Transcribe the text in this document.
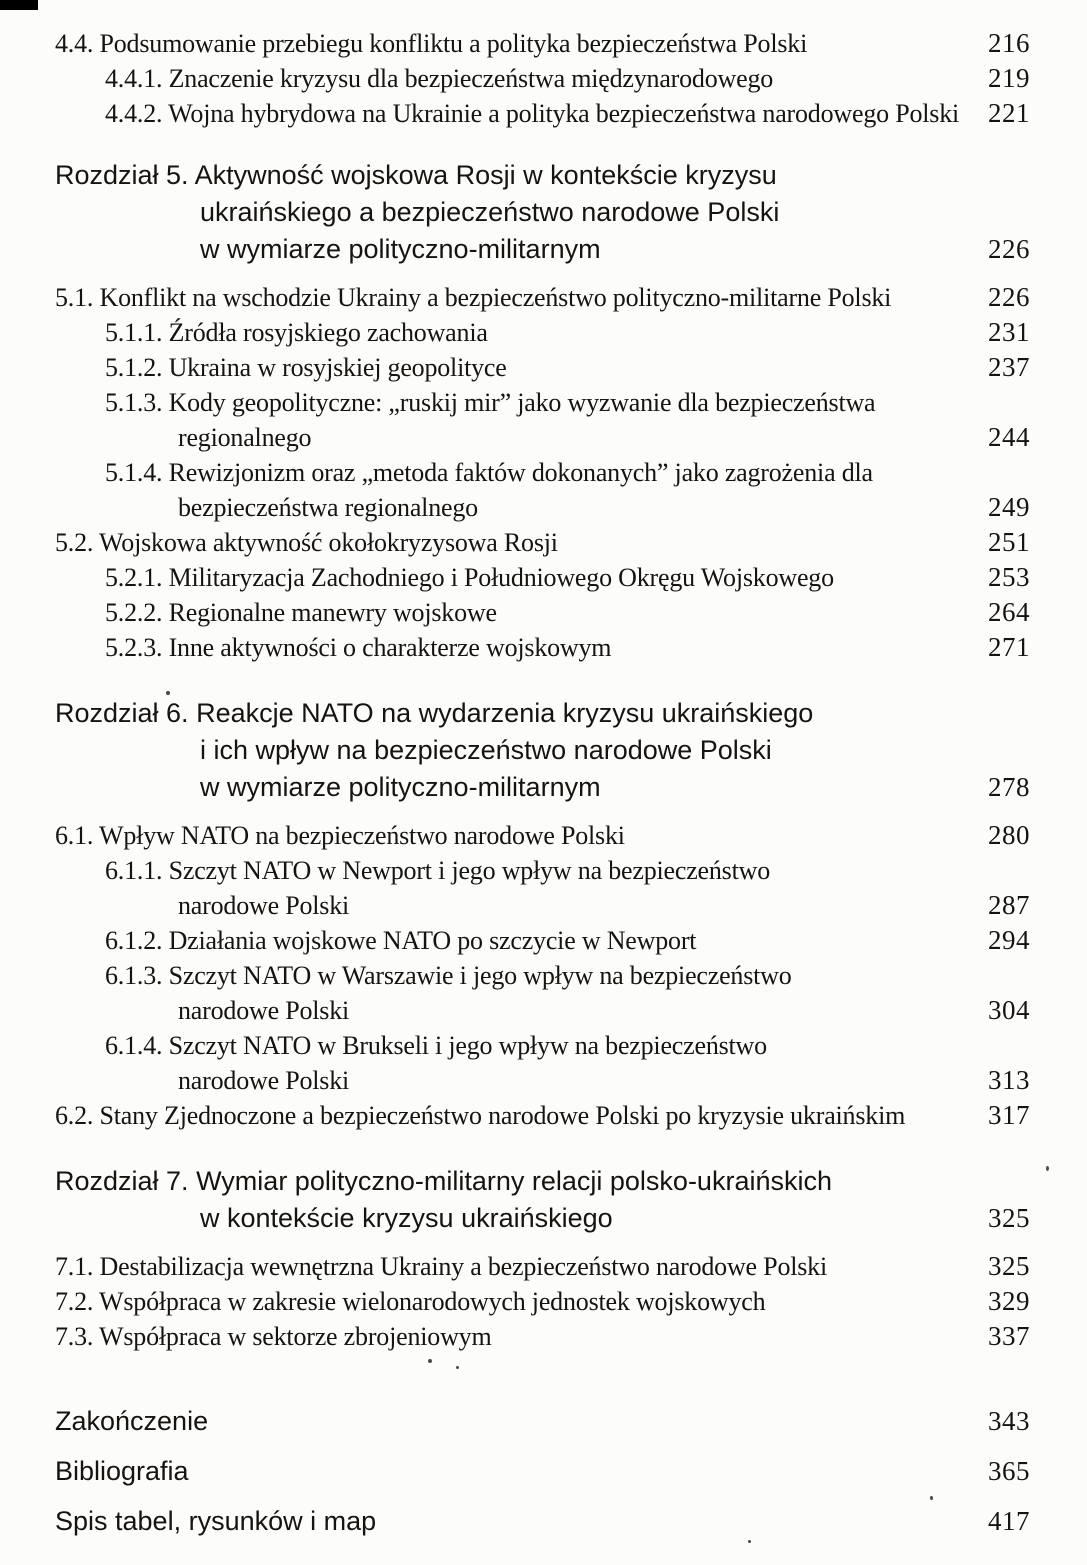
4.4. Podsumowanie przebiegu konfliktu a polityka bezpieczeństwa Polski	216
4.4.1. Znaczenie kryzysu dla bezpieczeństwa międzynarodowego	219
4.4.2. Wojna hybrydowa na Ukrainie a polityka bezpieczeństwa narodowego Polski 221
Rozdział 5. Aktywność wojskowa Rosji w kontekście kryzysu
ukraińskiego a bezpieczeństwo narodowe Polski
w wymiarze polityczno-militarnym	226
5.1. Konflikt na wschodzie Ukrainy a bezpieczeństwo polityczno-militarne Polski	226
5.1.1. Źródła rosyjskiego zachowania	231
5.1.2. Ukraina w rosyjskiej geopolityce	237
5.1.3. Kody geopolityczne: „ruskij mir” jako wyzwanie dla bezpieczeństwa
regionalnego	244
5.1.4. Rewizjonizm oraz „metoda faktów dokonanych” jako zagrożenia dla
bezpieczeństwa regionalnego	249
5.2. Wojskowa aktywność okołokryzysowa Rosji	251
5.2.1. Militaryzacja Zachodniego i Południowego Okręgu Wojskowego	253
5.2.2. Regionalne manewry wojskowe	264
5.2.3. Inne aktywności o charakterze wojskowym	271
Rozdział 6. Reakcje NATO na wydarzenia kryzysu ukraińskiego
i ich wpływ na bezpieczeństwo narodowe Polski
w wymiarze polityczno-militarnym	278
6.1. Wpływ NATO na bezpieczeństwo narodowe Polski	280
6.1.1. Szczyt NATO w Newport i jego wpływ na bezpieczeństwo
narodowe Polski	287
6.1.2. Działania wojskowe NATO po szczycie w Newport	294
6.1.3. Szczyt NATO w Warszawie i jego wpływ na bezpieczeństwo
narodowe Polski	304
6.1.4. Szczyt NATO w Brukseli i jego wpływ na bezpieczeństwo
narodowe Polski	313
6.2. Stany Zjednoczone a bezpieczeństwo narodowe Polski po kryzysie ukraińskim	317
Rozdział 7. Wymiar polityczno-militarny relacji polsko-ukraińskich
w kontekście kryzysu ukraińskiego	325
7.1. Destabilizacja wewnętrzna Ukrainy a bezpieczeństwo narodowe Polski	325
7.2. Współpraca w zakresie wielonarodowych jednostek wojskowych	329
7.3. Współpraca w sektorze zbrojeniowym	337
Zakończenie	343
Bibliografia	365
Spis tabel, rysunków i map	417
